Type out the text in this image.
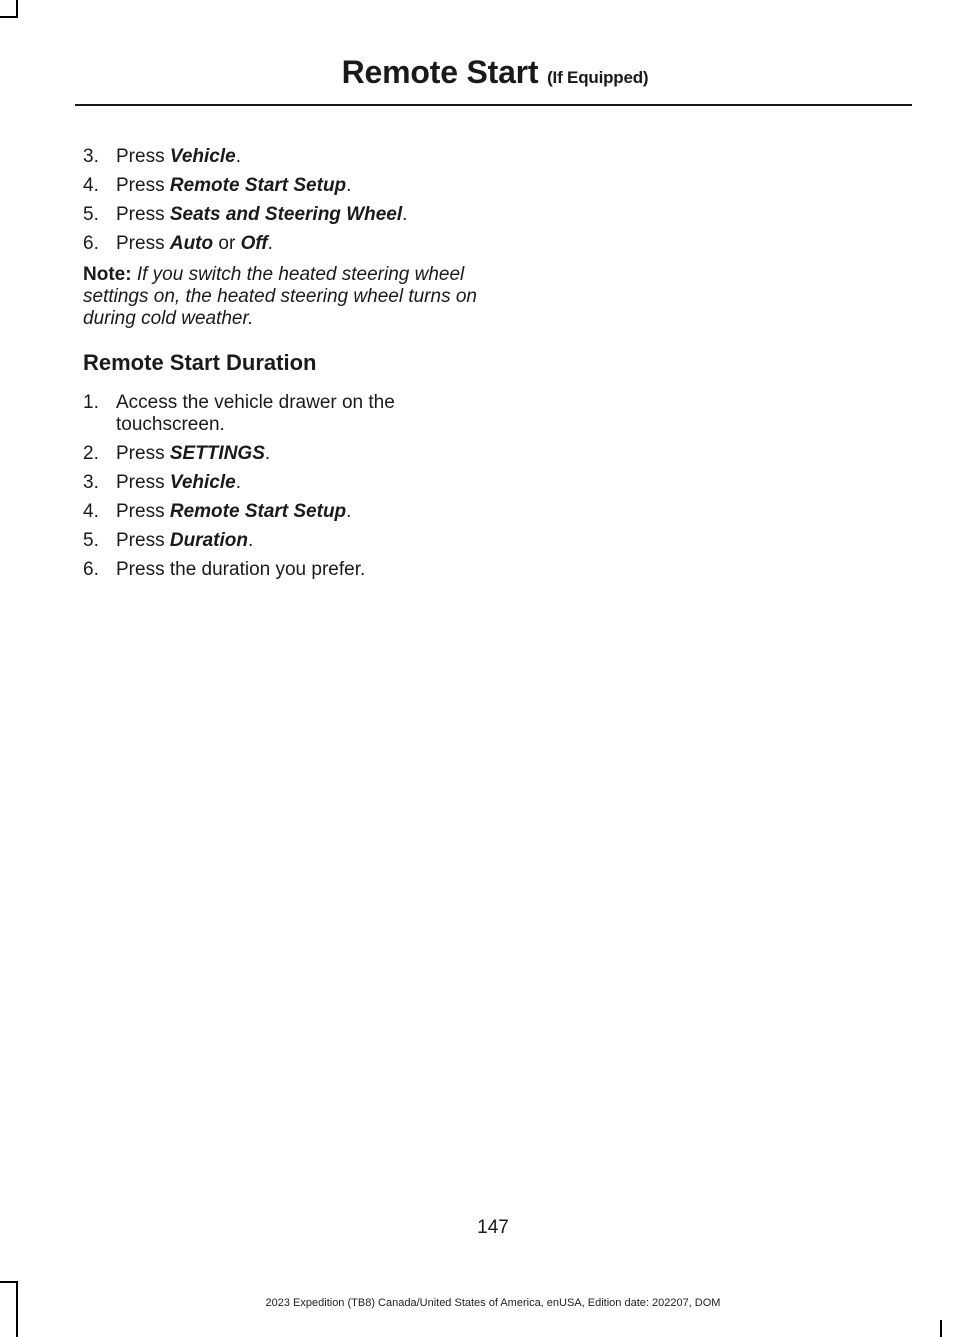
Remote Start (If Equipped)
3. Press Vehicle.
4. Press Remote Start Setup.
5. Press Seats and Steering Wheel.
6. Press Auto or Off.
Note: If you switch the heated steering wheel settings on, the heated steering wheel turns on during cold weather.
Remote Start Duration
1. Access the vehicle drawer on the touchscreen.
2. Press SETTINGS.
3. Press Vehicle.
4. Press Remote Start Setup.
5. Press Duration.
6. Press the duration you prefer.
147
2023 Expedition (TB8) Canada/United States of America, enUSA, Edition date: 202207, DOM
